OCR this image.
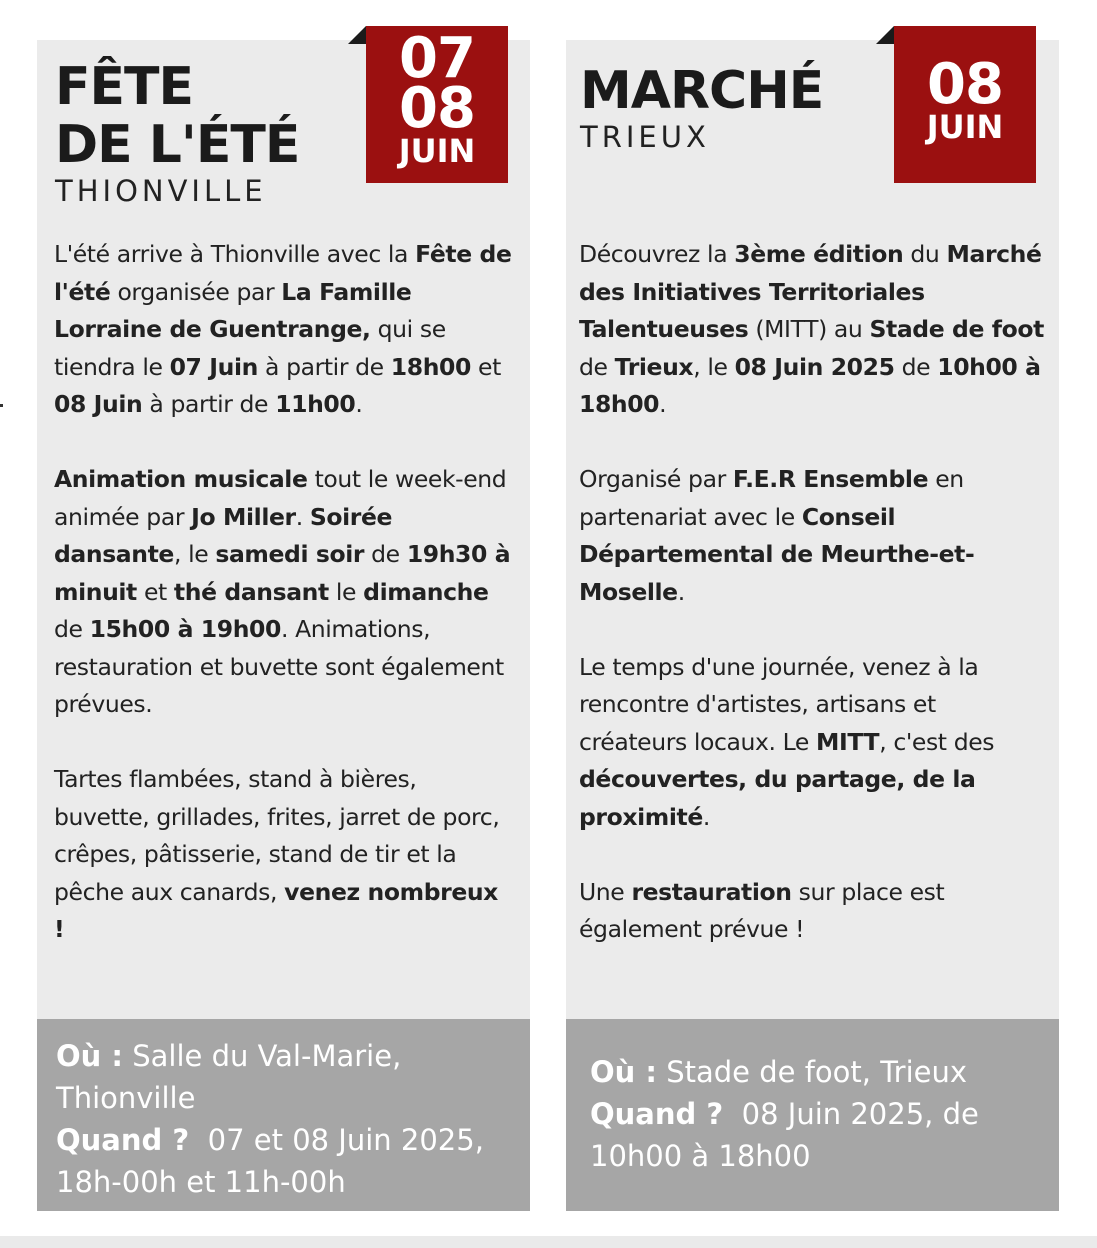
FÊTE
DE L'ÉTÉ
THIONVILLE
07
08
JUIN

L'été arrive à Thionville avec la Fête de l'été organisée par La Famille Lorraine de Guentrange, qui se tiendra le 07 Juin à partir de 18h00 et 08 Juin à partir de 11h00.

Animation musicale tout le week-end animée par Jo Miller. Soirée dansante, le samedi soir de 19h30 à minuit et thé dansant le dimanche de 15h00 à 19h00. Animations, restauration et buvette sont également prévues.

Tartes flambées, stand à bières, buvette, grillades, frites, jarret de porc, crêpes, pâtisserie, stand de tir et la pêche aux canards, venez nombreux !

Où : Salle du Val-Marie, Thionville

Quand ? 07 et 08 Juin 2025, 18h-00h et 11h-00h

MARCHÉ
TRIEUX
08
JUIN

Découvrez la 3ème édition du Marché des Initiatives Territoriales Talentueuses (MITT) au Stade de foot de Trieux, le 08 Juin 2025 de 10h00 à 18h00.

Organisé par F.E.R Ensemble en partenariat avec le Conseil Départemental de Meurthe-et-Moselle.

Le temps d'une journée, venez à la rencontre d'artistes, artisans et créateurs locaux. Le MITT, c'est des découvertes, du partage, de la proximité.

Une restauration sur place est également prévue !

Où : Stade de foot, Trieux

Quand ? 08 Juin 2025, de 10h00 à 18h00
